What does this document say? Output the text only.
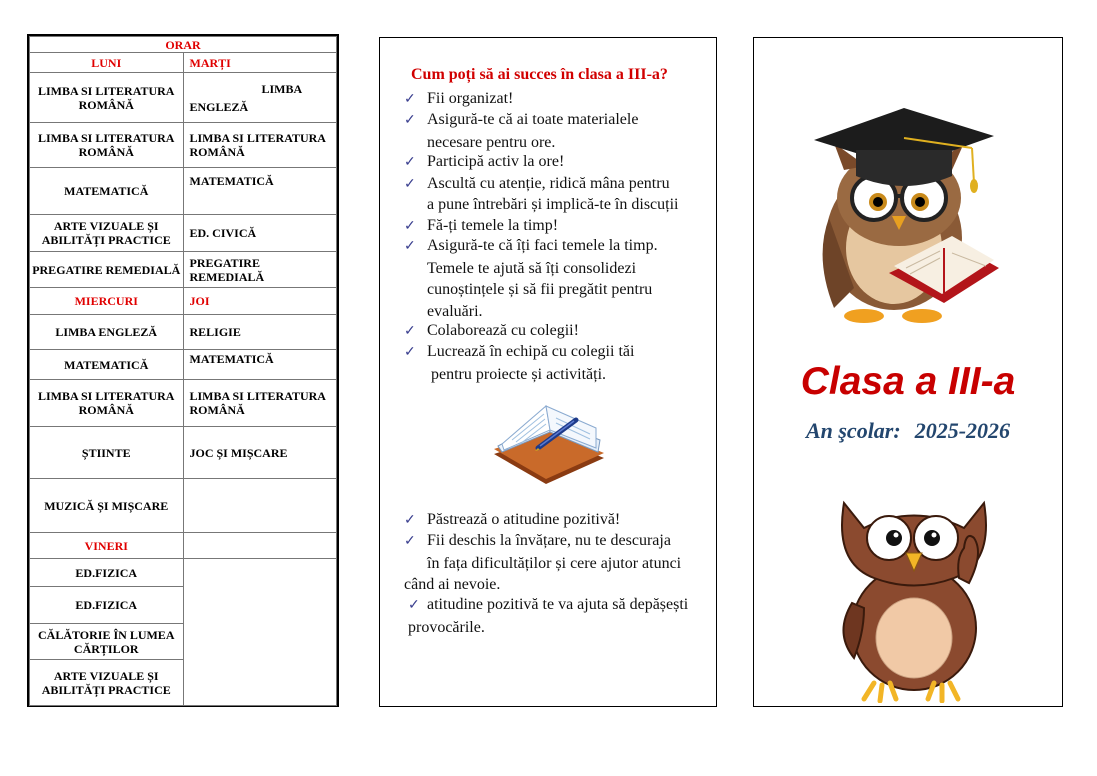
ORAR	
LUNI	MARȚI
LIMBA SI LITERATURA ROMÂNĂ	LIMBA
ENGLEZĂ

LIMBA SI LITERATURA ROMÂNĂ	LIMBA SI LITERATURA ROMÂNĂ
MATEMATICĂ	MATEMATICĂ
ARTE VIZUALE ȘI ABILITĂȚI PRACTICE	ED. CIVICĂ
PREGATIRE REMEDIALĂ	PREGATIRE REMEDIALĂ
MIERCURI	JOI
LIMBA ENGLEZĂ	RELIGIE
MATEMATICĂ	MATEMATICĂ
LIMBA SI LITERATURA ROMÂNĂ	LIMBA SI LITERATURA ROMÂNĂ
ȘTIINTE	JOC ȘI MIȘCARE
MUZICĂ ȘI MIȘCARE	
VINERI	
ED.FIZICA	
ED.FIZICA	
CĂLĂTORIE ÎN LUMEA CĂRȚILOR	
ARTE VIZUALE ȘI ABILITĂȚI PRACTICE	
Cum poți să ai succes în clasa a III-a?
✓ Fii organizat!
✓ Asigură-te că ai toate materialele
necesare pentru ore.
✓ Participă activ la ore!
✓ Ascultă cu atenție, ridică mâna pentru
a pune întrebări și implică-te în discuții
✓ Fă-ți temele la timp!
✓ Asigură-te că îți faci temele la timp.
Temele te ajută să îți consolidezi
cunoștințele și să fii pregătit pentru
evaluări.
✓ Colaborează cu colegii!
✓ Lucrează în echipă cu colegii tăi
pentru proiecte și activități.
✓ Păstrează o atitudine pozitivă!
✓ Fii deschis la învățare, nu te descuraja
în fața dificultăților și cere ajutor atunci
când ai nevoie.
✓ atitudine pozitivă te va ajuta să depășești
provocările.
Clasa a III-a
An şcolar: 2025-2026
